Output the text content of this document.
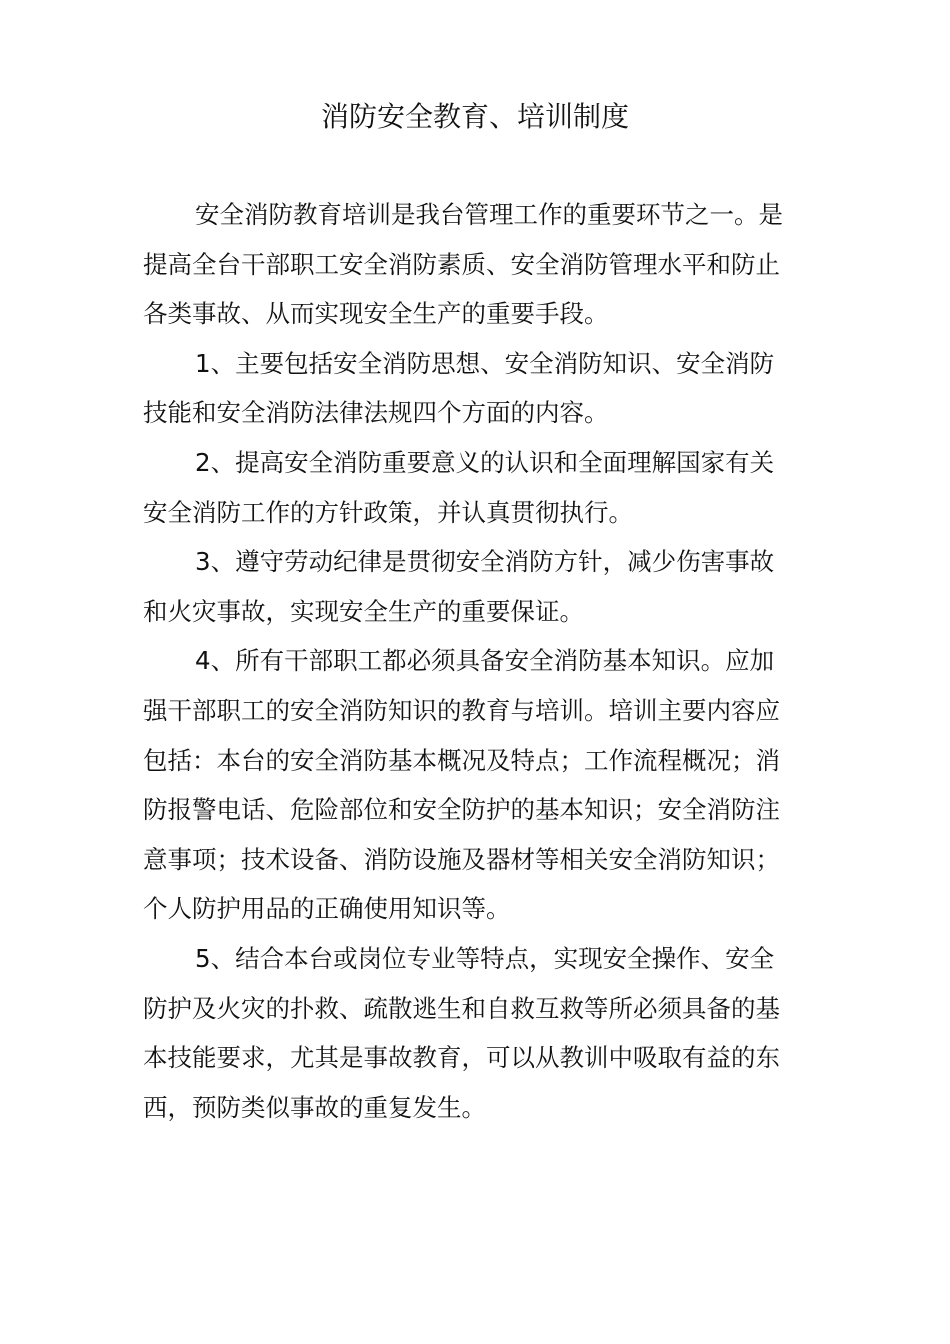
消防安全教育、培训制度
安全消防教育培训是我台管理工作的重要环节之一。是
提高全台干部职工安全消防素质、安全消防管理水平和防止
各类事故、从而实现安全生产的重要手段。
1、主要包括安全消防思想、安全消防知识、安全消防
技能和安全消防法律法规四个方面的内容。
2、提高安全消防重要意义的认识和全面理解国家有关
安全消防工作的方针政策，并认真贯彻执行。
3、遵守劳动纪律是贯彻安全消防方针，减少伤害事故
和火灾事故，实现安全生产的重要保证。
4、所有干部职工都必须具备安全消防基本知识。应加
强干部职工的安全消防知识的教育与培训。培训主要内容应
包括：本台的安全消防基本概况及特点；工作流程概况；消
防报警电话、危险部位和安全防护的基本知识；安全消防注
意事项；技术设备、消防设施及器材等相关安全消防知识；
个人防护用品的正确使用知识等。
5、结合本台或岗位专业等特点，实现安全操作、安全
防护及火灾的扑救、疏散逃生和自救互救等所必须具备的基
本技能要求，尤其是事故教育，可以从教训中吸取有益的东
西，预防类似事故的重复发生。
